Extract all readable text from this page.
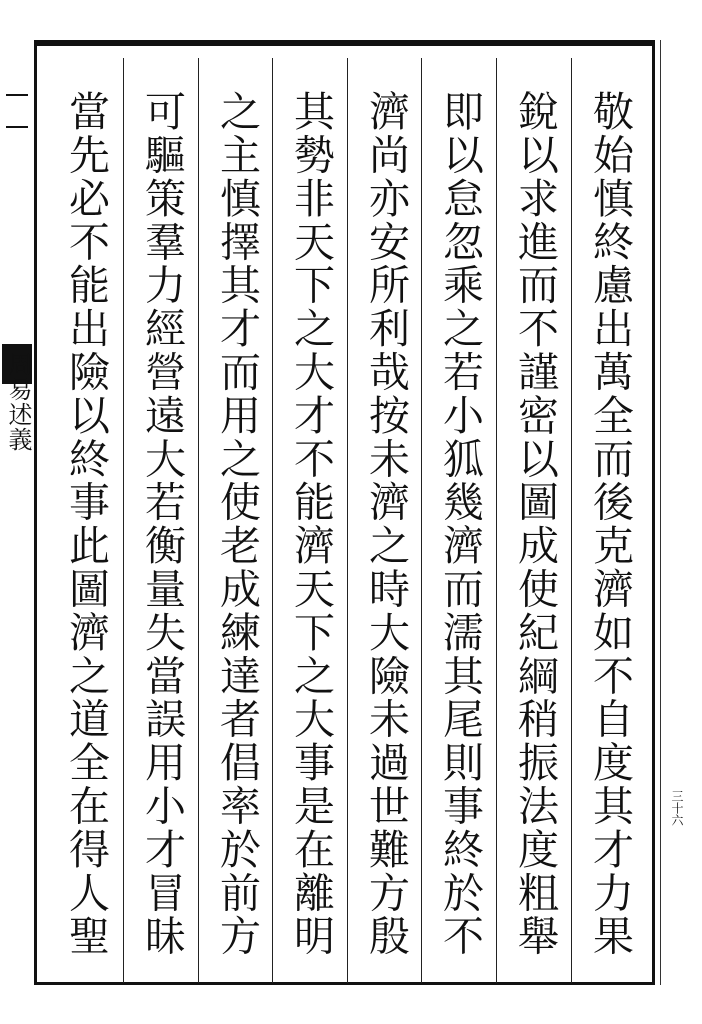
周易述義
三十六
敬始慎終慮出萬全而後克濟如不自度其才力果
銳以求進而不謹密以圖成使紀綱稍振法度粗舉
即以怠忽乘之若小狐幾濟而濡其尾則事終於不
濟尚亦安所利哉按未濟之時大險未過世難方殷
其勢非天下之大才不能濟天下之大事是在離明
之主慎擇其才而用之使老成練達者倡率於前方
可驅策羣力經營遠大若衡量失當誤用小才冒昧
當先必不能出險以終事此圖濟之道全在得人聖
